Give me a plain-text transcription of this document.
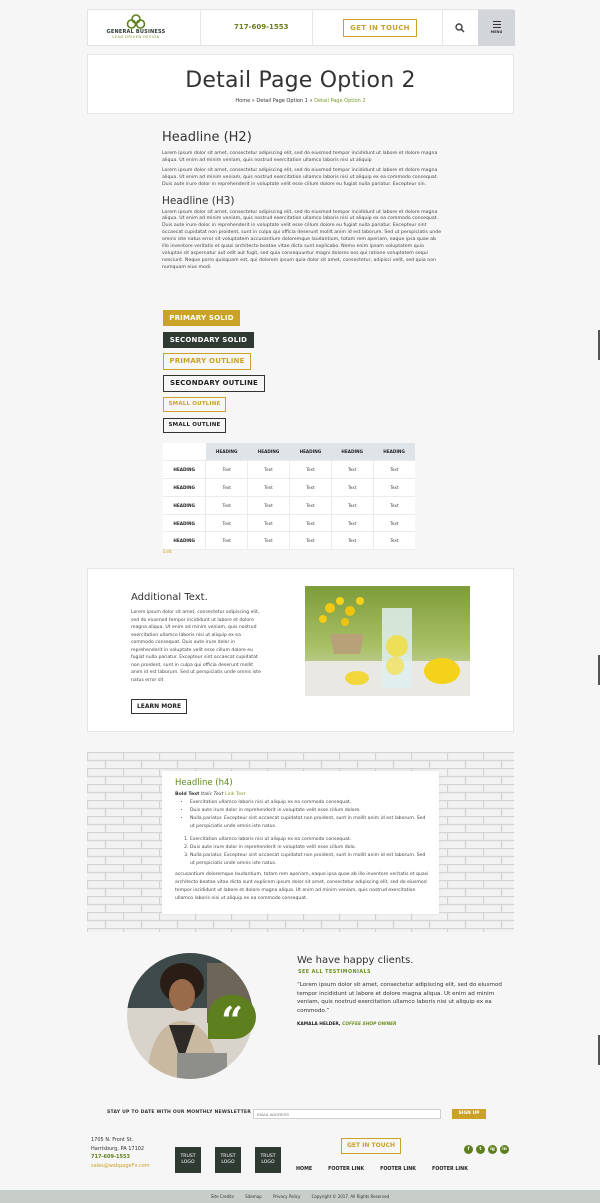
GENERAL BUSINESS
LEAD DRIVEN DESIGN
717-609-1553	GET IN TOUCH	MENU
Detail Page Option 2
Home » Detail Page Option 1 » Detail Page Option 2
Headline (H2)
Lorem ipsum dolor sit amet, consectetur adipiscing elit, sed do eiusmod tempor incididunt ut labore et dolore magna aliqua. Ut enim ad minim veniam, quis nostrud exercitation ullamco laboris nisi ut aliquip
Lorem ipsum dolor sit amet, consectetur adipiscing elit, sed do eiusmod tempor incididunt ut labore et dolore magna aliqua. Ut enim ad minim veniam, quis nostrud exercitation ullamco laboris nisi ut aliquip ex ea commodo consequat. Duis aute irure dolor in reprehenderit in voluptate velit esse cillum dolore eu fugiat nulla pariatur. Excepteur sin.
Headline (H3)
Lorem ipsum dolor sit amet, consectetur adipiscing elit, sed do eiusmod tempor incididunt ut labore et dolore magna aliqua. Ut enim ad minim veniam, quis nostrud exercitation ullamco laboris nisi ut aliquip ex ea commodo consequat. Duis aute irure dolor in reprehenderit in voluptate velit esse cillum dolore eu fugiat nulla pariatur. Excepteur sint occaecat cupidatat non proident, sunt in culpa qui officia deserunt mollit anim id est laborum. Sed ut perspiciatis unde omnis iste natus error sit voluptatem accusantium doloremque laudantium, totam rem aperiam, eaque ipsa quae ab illo inventore veritatis et quasi architecto beatae vitae dicta sunt explicabo. Nemo enim ipsam voluptatem quia voluptas sit aspernatur aut odit aut fugit, sed quia consequuntur magni dolores eos qui ratione voluptatem sequi nesciunt. Neque porro quisquam est, qui dolorem ipsum quia dolor sit amet, consectetur, adipisci velit, sed quia non numquam eius modi.
PRIMARY SOLID
SECONDARY SOLID
PRIMARY OUTLINE
SECONDARY OUTLINE
SMALL OUTLINE
SMALL OUTLINE
	HEADING	HEADING	HEADING	HEADING	HEADING
HEADING	Text	Text	Text	Text	Text
HEADING	Text	Text	Text	Text	Text
HEADING	Text	Text	Text	Text	Text
HEADING	Text	Text	Text	Text	Text
HEADING	Text	Text	Text	Text	Text
Edit
Additional Text.
Lorem ipsum dolor sit amet, consectetur adipiscing elit, sed do eiusmod tempor incididunt ut labore et dolore magna aliqua. Ut enim ad minim veniam, quis nostrud exercitation ullamco laboris nisi ut aliquip ex ea commodo consequat. Duis aute irure dolor in reprehenderit in voluptate velit esse cillum dolore eu fugiat nulla pariatur. Excepteur sint occaecat cupidatat non proident, sunt in culpa qui officia deserunt mollit anim id est laborum. Sed ut perspiciatis unde omnis iste natus error sit
LEARN MORE
Headline (h4)
Bold Text Italic Text Link Text
• Exercitation ullamco laboris nisi ut aliquip ex ea commodo consequat.
• Duis aute irure dolor in reprehenderit in voluptate velit esse cillum dolore.
• Nulla pariatur. Excepteur sint occaecat cupidatat non proident, sunt in mollit anim id est laborum. Sed ut perspiciatis unde omnis iste natus.
1. Exercitation ullamco laboris nisi ut aliquip ex ea commodo consequat.
2. Duis aute irure dolor in reprehenderit in voluptate velit esse cillum dolo.
3. Nulla pariatur. Excepteur sint occaecat cupidatat non proident, sunt in mollit anim id est laborum. Sed ut perspiciatis unde omnis iste natus.
accusantium doloremque laudantium, totam rem aperiam, eaque ipsa quae ab illo inventore veritatis et quasi architecto beatae vitae dicta sunt explicem ipsum dolor sit amet, consectetur adipiscing elit, sed do eiusmod tempor incididunt ut labore et dolore magna aliqua. Ut enim ad minim veniam, quis nostrud exercitation ullamco laboris nisi ut aliquip ex ea commodo consequat.
“
We have happy clients.
SEE ALL TESTIMONIALS
“Lorem ipsum dolor sit amet, consectetur adipiscing elit, sed do eiusmod tempor incididunt ut labore et dolore magna aliqua. Ut enim ad minim veniam, quis nostrud exercitation ullamco laboris nisi ut aliquip ex ea commodo.”
KAMALA HELDER, COFFEE SHOP OWNER
STAY UP TO DATE WITH OUR MONTHLY NEWSLETTER
EMAIL ADDRESS	SIGN UP
1705 N. Front St.
Harrisburg, PA 17102
717-609-1553
sales@webpageFx.com
TRUST LOGO
TRUST LOGO
TRUST LOGO
GET IN TOUCH
f	t	ig	in
HOME	FOOTER LINK	FOOTER LINK	FOOTER LINK
Site Credits	Sitemap	Privacy Policy	Copyright © 2017. All Rights Reserved
